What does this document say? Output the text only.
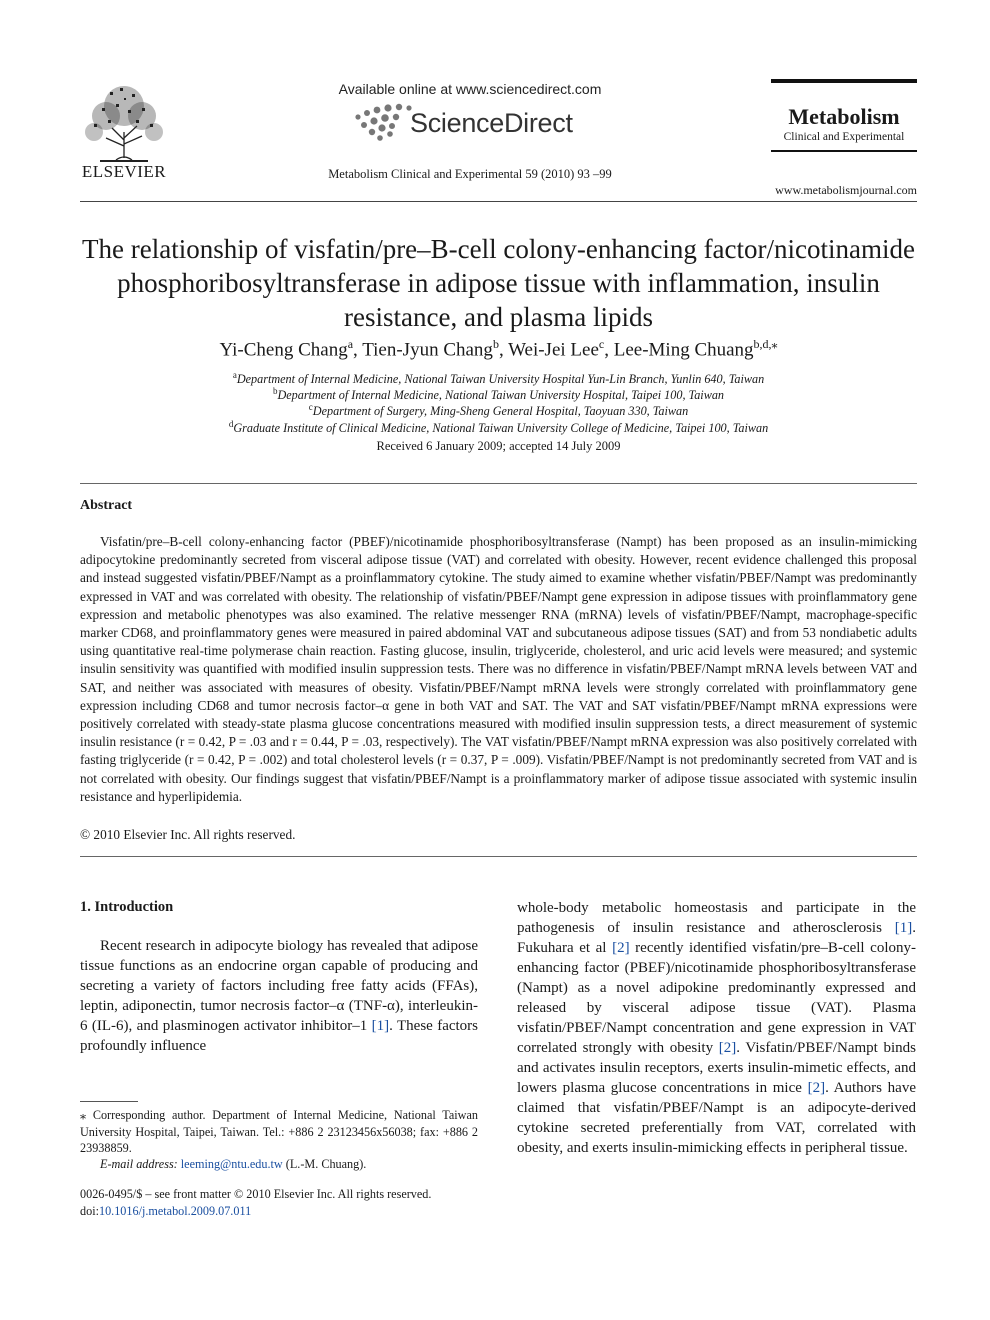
ELSEVIER
Available online at www.sciencedirect.com
ScienceDirect
Metabolism Clinical and Experimental 59 (2010) 93 –99
Metabolism
Clinical and Experimental
www.metabolismjournal.com
The relationship of visfatin/pre–B-cell colony-enhancing factor/nicotinamide phosphoribosyltransferase in adipose tissue with inflammation, insulin resistance, and plasma lipids
Yi-Cheng Chang$^a$, Tien-Jyun Chang$^b$, Wei-Jei Lee$^c$, Lee-Ming Chuang$^{b,d,⁎}$
$^a$Department of Internal Medicine, National Taiwan University Hospital Yun-Lin Branch, Yunlin 640, Taiwan
$^b$Department of Internal Medicine, National Taiwan University Hospital, Taipei 100, Taiwan
$^c$Department of Surgery, Ming-Sheng General Hospital, Taoyuan 330, Taiwan
$^d$Graduate Institute of Clinical Medicine, National Taiwan University College of Medicine, Taipei 100, Taiwan
Received 6 January 2009; accepted 14 July 2009
Abstract
Visfatin/pre–B-cell colony-enhancing factor (PBEF)/nicotinamide phosphoribosyltransferase (Nampt) has been proposed as an insulin-mimicking adipocytokine predominantly secreted from visceral adipose tissue (VAT) and correlated with obesity. However, recent evidence challenged this proposal and instead suggested visfatin/PBEF/Nampt as a proinflammatory cytokine. The study aimed to examine whether visfatin/PBEF/Nampt was predominantly expressed in VAT and was correlated with obesity. The relationship of visfatin/PBEF/Nampt gene expression in adipose tissues with proinflammatory gene expression and metabolic phenotypes was also examined. The relative messenger RNA (mRNA) levels of visfatin/PBEF/Nampt, macrophage-specific marker CD68, and proinflammatory genes were measured in paired abdominal VAT and subcutaneous adipose tissues (SAT) and from 53 nondiabetic adults using quantitative real-time polymerase chain reaction. Fasting glucose, insulin, triglyceride, cholesterol, and uric acid levels were measured; and systemic insulin sensitivity was quantified with modified insulin suppression tests. There was no difference in visfatin/PBEF/Nampt mRNA levels between VAT and SAT, and neither was associated with measures of obesity. Visfatin/PBEF/Nampt mRNA levels were strongly correlated with proinflammatory gene expression including CD68 and tumor necrosis factor–α gene in both VAT and SAT. The VAT and SAT visfatin/PBEF/Nampt mRNA expressions were positively correlated with steady-state plasma glucose concentrations measured with modified insulin suppression tests, a direct measurement of systemic insulin resistance (r = 0.42, P = .03 and r = 0.44, P = .03, respectively). The VAT visfatin/PBEF/Nampt mRNA expression was also positively correlated with fasting triglyceride (r = 0.42, P = .002) and total cholesterol levels (r = 0.37, P = .009). Visfatin/PBEF/Nampt is not predominantly secreted from VAT and is not correlated with obesity. Our findings suggest that visfatin/PBEF/Nampt is a proinflammatory marker of adipose tissue associated with systemic insulin resistance and hyperlipidemia.
© 2010 Elsevier Inc. All rights reserved.
1. Introduction
Recent research in adipocyte biology has revealed that adipose tissue functions as an endocrine organ capable of producing and secreting a variety of factors including free fatty acids (FFAs), leptin, adiponectin, tumor necrosis factor–α (TNF-α), interleukin-6 (IL-6), and plasminogen activator inhibitor–1 [1]. These factors profoundly influence
whole-body metabolic homeostasis and participate in the pathogenesis of insulin resistance and atherosclerosis [1]. Fukuhara et al [2] recently identified visfatin/pre–B-cell colony-enhancing factor (PBEF)/nicotinamide phosphoribosyltransferase (Nampt) as a novel adipokine predominantly expressed and released by visceral adipose tissue (VAT). Plasma visfatin/PBEF/Nampt concentration and gene expression in VAT correlated strongly with obesity [2]. Visfatin/PBEF/Nampt binds and activates insulin receptors, exerts insulin-mimetic effects, and lowers plasma glucose concentrations in mice [2]. Authors have claimed that visfatin/PBEF/Nampt is an adipocyte-derived cytokine secreted preferentially from VAT, correlated with obesity, and exerts insulin-mimicking effects in peripheral tissue.
⁎ Corresponding author. Department of Internal Medicine, National Taiwan University Hospital, Taipei, Taiwan. Tel.: +886 2 23123456x56038; fax: +886 2 23938859.
E-mail address: leeming@ntu.edu.tw (L.-M. Chuang).
0026-0495/$ – see front matter © 2010 Elsevier Inc. All rights reserved.
doi:10.1016/j.metabol.2009.07.011
